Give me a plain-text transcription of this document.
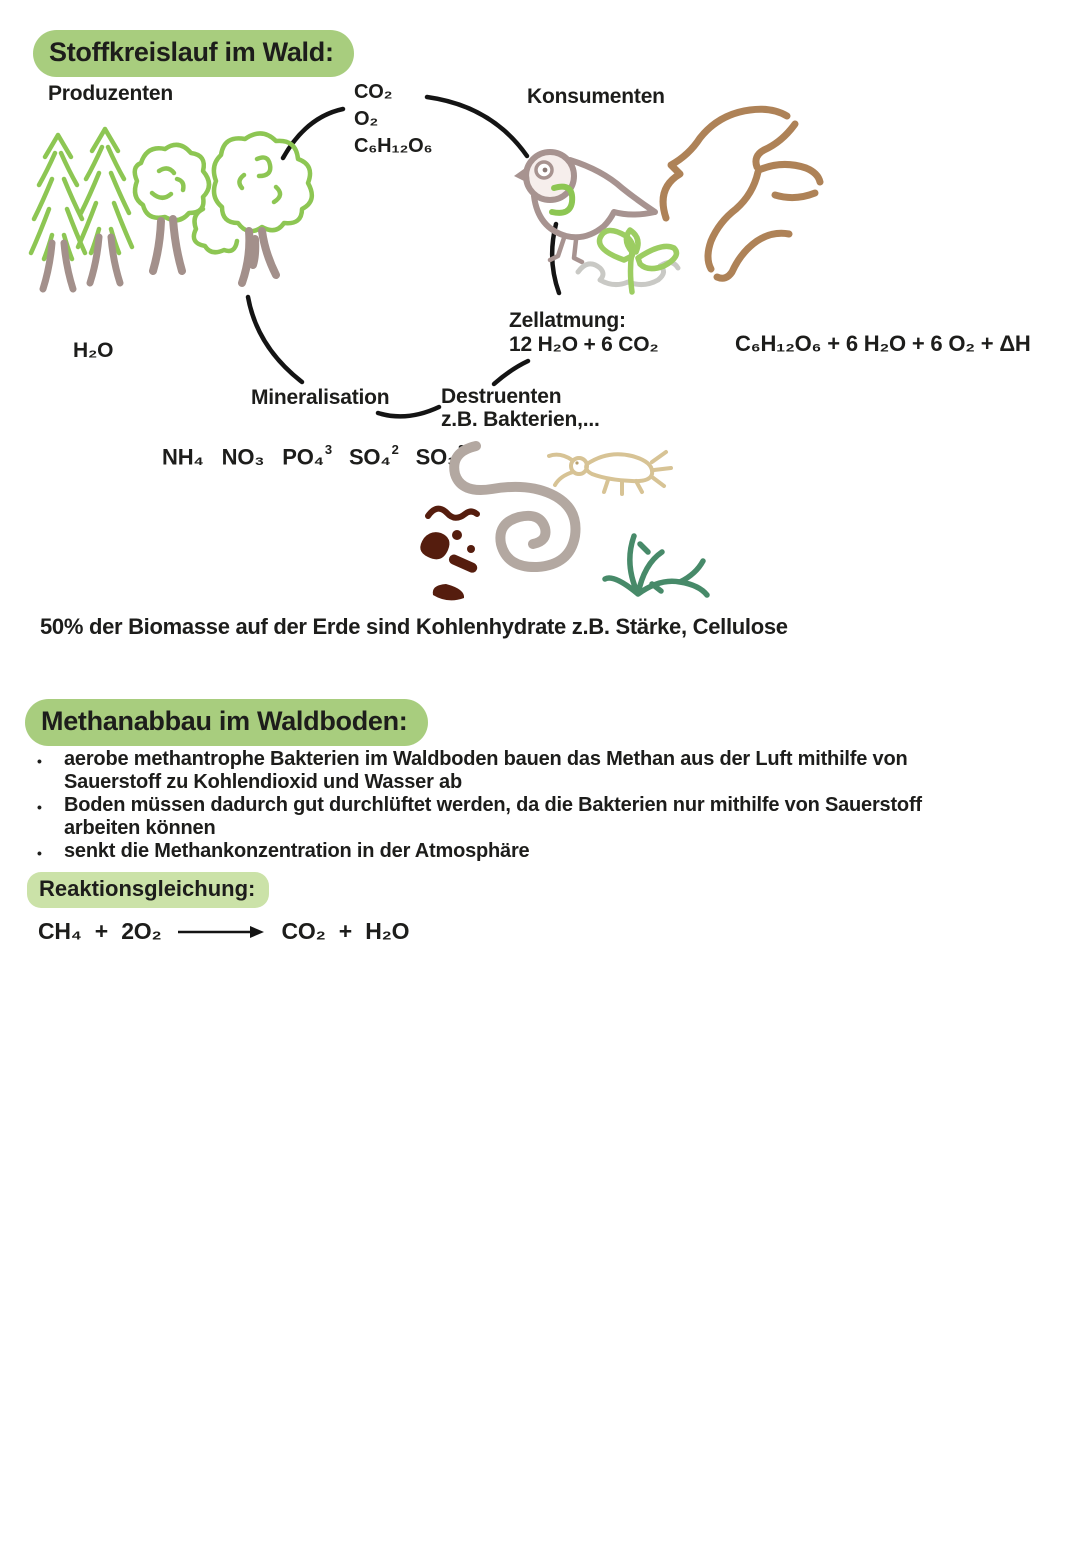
Stoffkreislauf im Wald:
Produzenten	CO₂
O₂
C₆H₁₂O₆
Konsumenten
H₂O
Zellatmung:
12 H₂O + 6 CO₂	C₆H₁₂O₆ + 6 H₂O + 6 O₂ + ΔH
Mineralisation Destruenten
z.B. Bakterien,...
NH₄ NO₃ PO₄$^3$ SO₄$^2$ SO₃$^2$
50% der Biomasse auf der Erde sind Kohlenhydrate z.B. Stärke, Cellulose
Methanabbau im Waldboden:
• aerobe methantrophe Bakterien im Waldboden bauen das Methan aus der Luft mithilfe von Sauerstoff zu Kohlendioxid und Wasser ab
• Boden müssen dadurch gut durchlüftet werden, da die Bakterien nur mithilfe von Sauerstoff arbeiten können
• senkt die Methankonzentration in der Atmosphäre
Reaktionsgleichung:
CH₄ + 2O₂	CO₂ + H₂O
